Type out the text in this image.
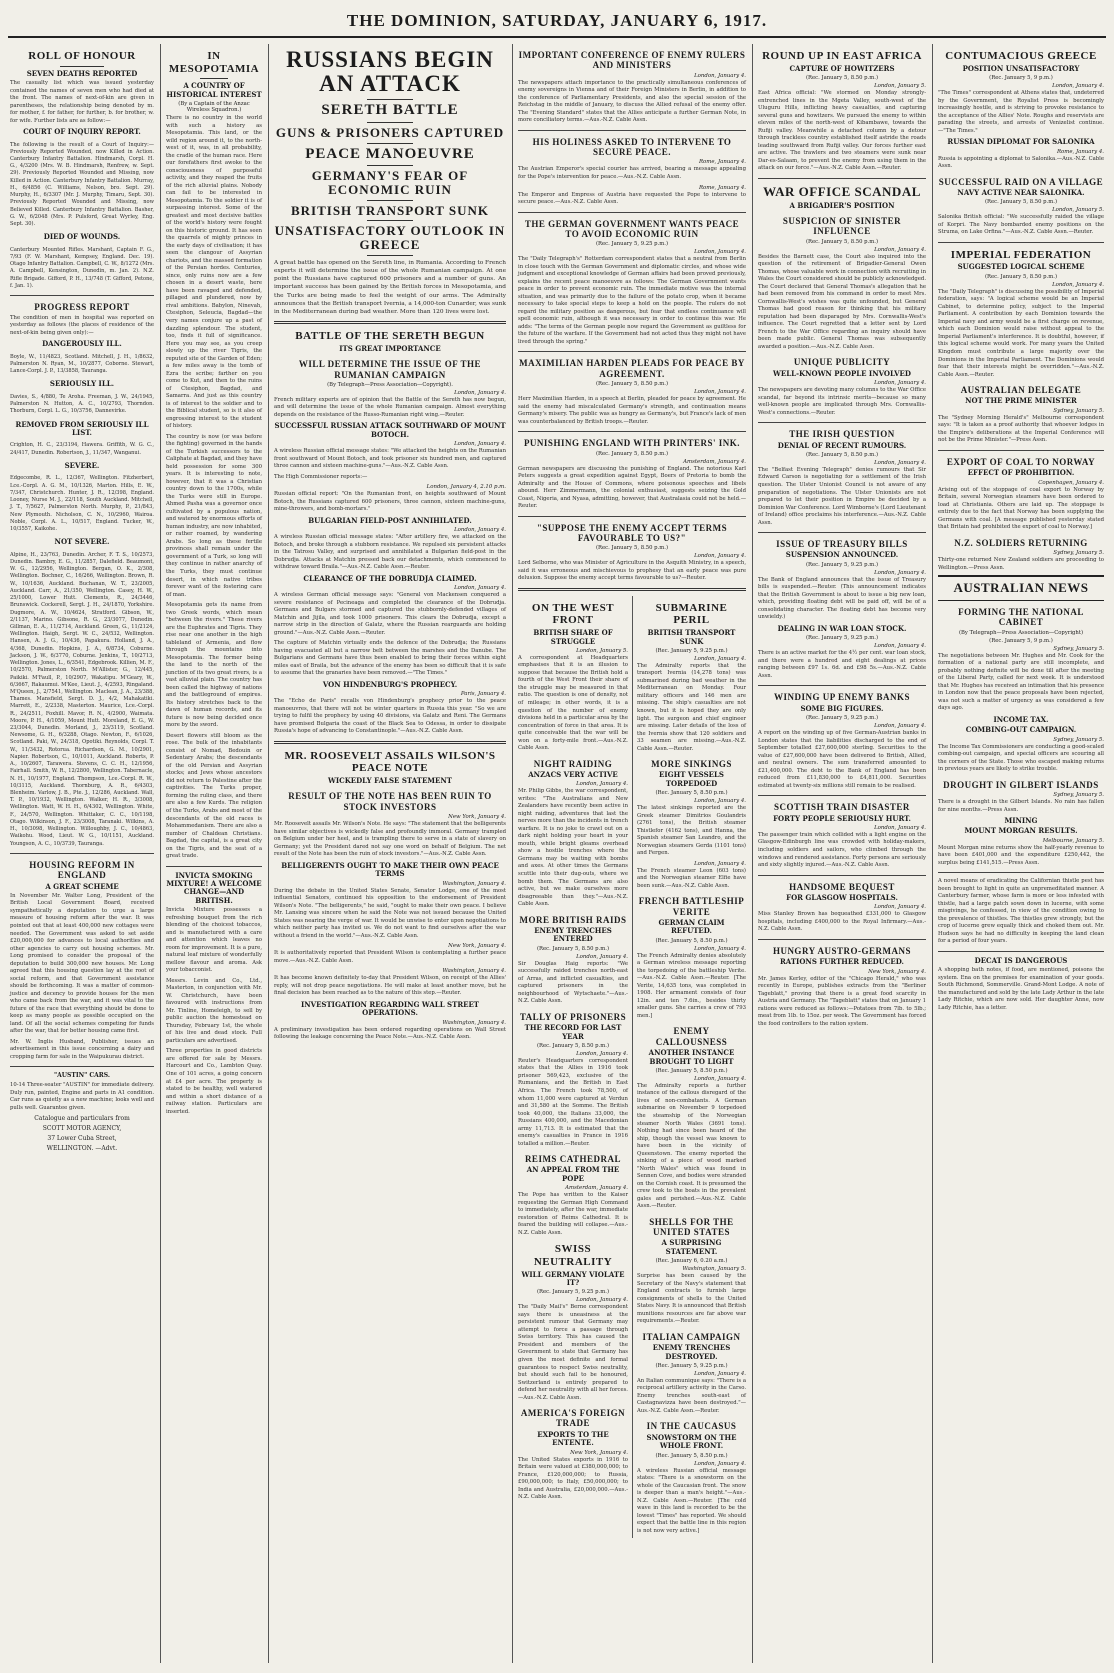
THE DOMINION, SATURDAY, JANUARY 6, 1917.
ROLL OF HONOUR
SEVEN DEATHS REPORTED

The casualty list which was issued yesterday contained the names of seven men who had died at the front. The names of next-of-kin are given in parentheses, the relationship being denoted by m. for mother, f. for father, for further, b. for brother, w. for wife. Further lists are as follow:—

COURT OF INQUIRY REPORT.

The following is the result of a Court of Inquiry:— Previously Reported Wounded, now Killed in Action. Canterbury Infantry Battalion. Hindmarsh, Corpl. H. G., 4/3200 (Mrs. W. B. Hindmarsh, Renfrew, w. Sept. 29). Previously Reported Wounded and Missing, now Killed in Action. Canterbury Infantry Battalion. Murray, H., 6/4856 (C. Williams, Nelson, bro. Sept. 29). Murphy, H., 6/3307 (Mr. J. Murphy, Timaru, Sept. 30). Previously Reported Wounded and Missing, now Believed Killed. Canterbury Infantry Battalion. Basher, G. W., 6/2048 (Mrs. P. Pulsford, Great Wyrley, Eng. Sept. 30).

DIED OF WOUNDS.

Canterbury Mounted Rifles. Marshant, Captain F. G., 7/93 (F. W. Marshant, Kempsey, England. Dec. 19). Otago Infantry Battalion. Campbell, C. W., 8/1272 (Mrs. A. Campbell, Kensington, Dunedin, m. Jan. 2). N.Z. Rifle Brigade. Gifford, P. H., 13/748 (T. Gifford, Petone, f. Jan. 1).

PROGRESS REPORT

The condition of men in hospital was reported on yesterday as follows (the places of residence of the next-of-kin being given only):—

DANGEROUSLY ILL.

Boyle, W., 11/4823, Scotland. Mitchell, J. H., 1/8632, Palmerston N. Ryan, M., 10/2877, Coborne. Stewart, Lance-Corpl. J. P., 13/3858, Tauranga.

SERIOUSLY ILL.

Davies, S., 4/880, Te Aroha. Freeman, J. W., 24/1945, Palmerston N. Hutton, A. C., 10/2793, Thorndon. Thorburn, Corpl. L. G., 10/3756, Dannevirke.

REMOVED FROM SERIOUSLY ILL LIST.

Crighton, H. C., 23/3194, Hawera. Griffith, W. G. C., 24/417, Dunedin. Robertson, J., 11/347, Wanganui.

SEVERE.

Edgecombe, R. L., 12/367, Wellington. Fitzherbert, Lce.-Corpl. A. G. M., 10/1326, Marton. Hills, E. W., 7/347, Christchurch. Hunter, J. R., 12/398, England. Looney, Nurse M. J., 22/118, South Auckland. Mitchell, J. T., 7/5627, Palmerston North. Murphy, P., 21/843, New Plymouth. Nicholson, C. N., 10/2960, Wairoa. Noble, Corpl. A. L., 10/517, England. Tucker, W., 10/3557, Kaikohe.

NOT SEVERE.

Alpine, H., 23/763, Dunedin. Archer, F. T. S., 10/2573, Dunedin. Bambry, E. G., 11/2857, Dalefield. Beaumont, W. G., 12/2956, Wellington. Bergan, O. K., 2/308, Wellington. Bochner, C., 16/266, Wellington. Brown, R. W., 10/1636, Auckland. Buchanan, W. T., 23/2005, Auckland. Carr, A., 21/350, Wellington. Casey, H. W., 25/1000, Lower Hutt. Clements, R., 24/3446, Brunswick. Cockerell, Sergt. J. H., 24/1870, Yorkshire. Dugmore, A. W., 10/4624, Stratford. Gibson, W., 2/1137, Marino. Gibsone, R. G., 23/3077, Dunedin. Gillman, E. A., 11/2714, Auckland. Green, G., 11/2124, Wellington. Haigh, Sergt. W. C., 24/532, Wellington. Hansen, A. J. G., 10/436, Papakura. Holland, J. A., 4/368, Dunedin. Hopkins, J. A., 6/8734, Coburne. Jackson, J. W., 6/3770, Coburne. Jenkins, T., 10/2713, Wellington. Jones, L., 6/3541, Edgebrook. Killien, M. F., 10/2570, Palmerston North. M'Allister, G., 12/445, Paikiki. M'Faull, P., 10/2907, Wakatipu. M'Geary, W., 6/3667, Rakaumui. M'Kee, Lieut. J., 4/2593, Ringaland. M'Queen, J., 2/7541, Wellington. Maclean, J. A., 23/388, Thames. Mansfield, Sergt. D. J., 4/2, Mahakatiki. Marrett, E., 2/2338, Masterton. Maurice, Lce.-Corpl. R., 24/2511, Foxhill. Mavor, R. N., 4/2900, Waimata. Moore, P. H., 4/1059, Mount Hutt. Moreland, E. G., W. 23/3044, Dunedin. Morland, J., 23/3119, Scotland. Newsome, G. H., 6/3288, Otago. Newton, F., 6/1026, Scotland. Paki, W., 24/318, Opotiki. Reynolds, Corpl. T. W., 11/3432, Rotorua. Richardson, G. M., 10/2901, Napier. Robertson, C., 10/1011, Auckland. Roberts, P. A., 10/2607, Tarawera. Stevens, C. C. H., 12/1956, Fairhall. Smith, W. R., 12/2800, Wellington. Tabernacle, N. H., 10/1977, England. Thompson, Lce.-Corpl. R. W., 10/3115, Auckland. Thornburg, A. R., 6/4303, Blenheim. Varlow, J. B., Pte. J., 12/286, Auckland. Wall, T. P., 10/1932, Wellington. Walker, H. R., 3/3008, Wellington. Watt, W. H. H., 6/4302, Wellington. White, F., 24/570, Wellington. Whittaker, C. C., 10/1198, Otago. Wilkinson, J. F., 23/3008, Taranaki. Wilkins, A. H., 10/3098, Wellington. Willoughby, J. C., 10/4863, Waikohu. Wood, Lieut. W. G., 10/1151, Auckland. Youngson, A. C., 10/3739, Tauranga.

HOUSING REFORM IN ENGLAND
A GREAT SCHEME

In November Mr. Walter Long, President of the British Local Government Board, received sympathetically a deputation to urge a large measure of housing reform after the war. It was pointed out that at least 400,000 new cottages were needed. The Government was asked to set aside £20,000,000 for advances to local authorities and other agencies to carry out housing schemes. Mr. Long promised to consider the proposal of the deputation to build 300,000 new houses. Mr. Long agreed that this housing question lay at the root of social reform, and that Government assistance should be forthcoming. It was a matter of common-justice and decency to provide houses for the men who came back from the war, and it was vital to the future of the race that everything should be done to keep as many people as possible occupied on the land. Of all the social schemes competing for funds after the war, that for better housing came first.

Mr. W. Inglis Husband, Publisher, issues an advertisement in this issue concerning a dairy and cropping farm for sale in the Waipukurau district.

"AUSTIN" CARS.

10-14 Three-seater "AUSTIN" for immediate delivery. Duly run, painted, Engine and parts in A1 condition. Car runs as quietly as a new machine; looks well and pulls well. Guarantee given.

Catalogue and particulars from
SCOTT MOTOR AGENCY,
37 Lower Cuba Street,
WELLINGTON. —Advt.
IN MESOPOTAMIA
A COUNTRY OF HISTORICAL INTEREST
(By a Captain of the Anzac Wireless Squadron.)

There is no country in the world with such a history as Mesopotamia. This land, or the wild region around it, to the north-west of it, was, in all probability, the cradle of the human race. Here our forefathers first awoke to the consciousness of purposeful activity, and they reaped the fruits of the rich alluvial plains. Nobody can fail to be interested in Mesopotamia. To the soldier it is of surpassing interest. Some of the greatest and most decisive battles of the world's history were fought on this historic ground. It has seen the quarrels of mighty princes in the early days of civilisation; it has seen the clangour of Assyrian chariots, and the massed formation of the Persian hordes. Centuries, since, only ruins now are a few chosen in a desert waste, here have been ravaged and defended, pillaged and plundered, now by rival ambitions. Babylon, Ninevah, Ctesiphon, Seleucia, Bagdad—the very names conjure up a past of dazzling splendour. The student, too, finds it full of significance. Here you may see, as you creep slowly up the river Tigris, the reputed site of the Garden of Eden; a few miles away is the tomb of Ezra the scribe; farther on you come to Kut, and then to the ruins of Ctesiphon, Bagdad, and Samarra. And just as this country is of interest to the soldier and to the Biblical student, so is it also of engrossing interest to the student of history.

The country is now (or was before the fighting) governed in the hands of the Turkish successors to the Caliphate at Bagdad, and they have held possession for some 300 years. It is interesting to note, however, that it was a Christian country down to the 1700s, while the Turks were still in Europe. Ahmed Pasha was a governor once cultivated by a populous nation, and watered by enormous efforts of human industry, are now inhabited, or rather roamed, by wandering Arabs. So long as these fertile provinces shall remain under the government of a Turk, so long will they continue in rather anarchy of the Turks, they must continue desert, in which native tribes forever want of the fostering care of man.

Mesopotamia gets its name from two Greek words, which mean "between the rivers." These rivers are the Euphrates and Tigris. They rise near one another in the high tableland of Armenia, and flow through the mountains into Mesopotamia. The former being the land to the north of the junction of its two great rivers, is a vast alluvial plain. The country has been called the highway of nations and the battleground of empires. Its history stretches back to the dawn of human records, and its future is now being decided once more by the sword.

Desert flowers still bloom as the rose. The bulk of the inhabitants consist of Nomad, Bedouin or Sedentary Arabs; the descendants of the old Persian and Assyrian stocks; and Jews whose ancestors did not return to Palestine after the captivities. The Turks proper, forming the ruling class, and there are also a few Kurds. The religion of the Turks, Arabs and most of the descendants of the old races is Mohammedanism. There are also a number of Chaldean Christians. Bagdad, the capital, is a great city on the Tigris, and the seat of a great trade.

INVICTA SMOKING MIXTURE! A WELCOME CHANGE—AND BRITISH.

Invicta Mixture possesses a refreshing bouquet from the rich blending of the choicest tobaccos, and is manufactured with a care and attention which leaves no room for improvement. It is a pure, natural leaf mixture of wonderfully mellow flavour and aroma. Ask your tobacconist.

Messrs. Levin and Co., Ltd., Masterton, in conjunction with Mr. W. Christchurch, have been favoured with instructions from Mr. Tinline, Homeleigh, to sell by public auction the homestead on Thursday, February 1st, the whole of his live and dead stock. Full particulars are advertised.

Three properties in good districts are offered for sale by Messrs. Harcourt and Co., Lambton Quay. One of 101 acres, a going concern at £4 per acre. The property is stated to be healthy, well watered and within a short distance of a railway station. Particulars are inserted.

RUSSIANS BEGIN AN ATTACK
SERETH BATTLE
GUNS & PRISONERS CAPTURED
PEACE MANOEUVRE
GERMANY'S FEAR OF ECONOMIC RUIN
BRITISH TRANSPORT SUNK
UNSATISFACTORY OUTLOOK IN GREECE

A great battle has opened on the Sereth line, in Rumania. According to French experts it will determine the issue of the whole Rumanian campaign. At one point the Russians have captured 600 prisoners and a number of guns. An important success has been gained by the British forces in Mesopotamia, and the Turks are being made to feel the weight of our arms. The Admiralty announces that the British transport Ivernia, a 14,000-ton Cunarder, was sunk in the Mediterranean during bad weather. More than 120 lives were lost.

BATTLE OF THE SERETH BEGUN
ITS GREAT IMPORTANCE
WILL DETERMINE THE ISSUE OF THE RUMANIAN CAMPAIGN
(By Telegraph—Press Association—Copyright).
London, January 4.

French military experts are of opinion that the Battle of the Sereth has now begun, and will determine the issue of the whole Rumanian campaign. Almost everything depends on the resistance of the Russo-Rumanian right wing.—Reuter.

SUCCESSFUL RUSSIAN ATTACK SOUTHWARD OF MOUNT BOTOCH.
London, January 4.

A wireless Russian official message states: "We attacked the heights on the Rumanian front southward of Mount Botoch, and took prisoner six hundred men, and captured three cannon and sixteen machine-guns."—Aus.-N.Z. Cable Assn.

The High Commissioner reports:—

London, January 4, 2.10 p.m.

Russian official report: "On the Rumanian front, on heights southward of Mount Botoch, the Russians captured 600 prisoners, three cannon, sixteen machine-guns, mine-throwers, and bomb-mortars."

BULGARIAN FIELD-POST ANNIHILATED.
London, January 4.

A wireless Russian official message states: "After artillery fire, we attacked on the Botoch, and broke through a stubborn resistance. We repulsed six persistent attacks in the Tatrosu Valley, and surprised and annihilated a Bulgarian field-post in the Dobrudja. Attacks at Matchin pressed back our detachments, which commenced to withdraw toward Braila."—Aus.-N.Z. Cable Assn.—Reuter.

CLEARANCE OF THE DOBRUDJA CLAIMED.
London, January 4.

A wireless German official message says: "General von Mackensen conquered a severe resistance of Pecineaga and completed the clearance of the Dobrudja. Germans and Bulgars stormed and captured the stubbornly-defended villages of Matchin and Jijila, and took 1000 prisoners. This clears the Dobrudja, except a narrow strip in the direction of Galatz, where the Russian rearguards are holding ground."—Aus.-N.Z. Cable Assn.—Reuter.

The capture of Matchin virtually ends the defence of the Dobrudja; the Russians having evacuated all but a narrow belt between the marshes and the Danube. The Bulgarians and Germans have thus been enabled to bring their forces within eight miles east of Braila, but the advance of the enemy has been so difficult that it is safe to assume that the granaries have been removed.—"The Times."

VON HINDENBURG'S PROPHECY.
Paris, January 4.

The "Echo de Paris" recalls von Hindenburg's prophecy prior to the peace manoeuvres, that there will not be winter quarters in Russia this year. "So we are trying to fulfil the prophecy by using 40 divisions, via Galatz and Reni. The Germans have promised Bulgaria the coast of the Black Sea to Odessa, in order to dissipate Russia's hope of advancing to Constantinople."—Aus.-N.Z. Cable Assn.

MR. ROOSEVELT ASSAILS WILSON'S PEACE NOTE
WICKEDLY FALSE STATEMENT
RESULT OF THE NOTE HAS BEEN RUIN TO STOCK INVESTORS
New York, January 4.

Mr. Roosevelt assails Mr. Wilson's Note. He says: "The statement that the belligerents have similar objectives is wickedly false and profoundly immoral. Germany trampled on Belgium under her heel, and is trampling there to serve in a state of slavery on Germany; yet the President dared not say one word on behalf of Belgium. The net result of the Note has been the ruin of stock investors."—Aus.-N.Z. Cable Assn.

BELLIGERENTS OUGHT TO MAKE THEIR OWN PEACE TERMS
Washington, January 4.

During the debate in the United States Senate, Senator Lodge, one of the most influential Senators, continued his opposition to the endorsement of President Wilson's Note. "The belligerents," he said, "ought to make their own peace. I believe Mr. Lansing was sincere when he said the Note was not issued because the United States was nearing the verge of war. It would be unwise to enter upon negotiations to which neither party has invited us. We do not want to find ourselves after the war without a friend in the world."—Aus.-N.Z. Cable Assn.

New York, January 4.

It is authoritatively reported that President Wilson is contemplating a further peace move.—Aus.-N.Z. Cable Assn.

Washington, January 4.

It has become known definitely to-day that President Wilson, on receipt of the Allies' reply, will not drop peace negotiations. He will make at least another move, but he final decision has been reached as to the nature of this step.—Reuter.

INVESTIGATION REGARDING WALL STREET OPERATIONS.
Washington, January 4.

A preliminary investigation has been ordered regarding operations on Wall Street following the leakage concerning the Peace Note.—Aus.-N.Z. Cable Assn.

IMPORTANT CONFERENCE OF ENEMY RULERS AND MINISTERS
London, January 4.

The newspapers attach importance to the practically simultaneous conferences of enemy sovereigns in Vienna and of their Foreign Ministers in Berlin, in addition to the conference of Parliamentary Presidents, and also the special session of the Reichstag in the middle of January, to discuss the Allied refusal of the enemy offer. The "Evening Standard" states that the Allies anticipate a further German Note, in more conciliatory terms.—Aus.-N.Z. Cable Assn.

HIS HOLINESS ASKED TO INTERVENE TO SECURE PEACE.
Rome, January 4.

The Austrian Emperor's special courier has arrived, bearing a message appealing for the Pope's intervention for peace.—Aus.-N.Z. Cable Assn.

Rome, January 4.

The Emperor and Empress of Austria have requested the Pope to intervene to secure peace.—Aus.-N.Z. Cable Assn.

THE GERMAN GOVERNMENT WANTS PEACE TO AVOID ECONOMIC RUIN
(Rec. January 5, 9.25 p.m.)
London, January 4.

The "Daily Telegraph's" Rotterdam correspondent states that a neutral from Berlin in close touch with the German Government and diplomatic circles, and whose wide judgment and exceptional knowledge of German affairs had been proved previously, explains the recent peace manoeuvre as follows: The German Government wants peace in order to prevent economic ruin. The immediate motive was the internal situation, and was primarily due to the failure of the potato crop, when it became necessary to take special steps to keep a hold on the people. The rulers do not regard the military position as dangerous, but fear that endless continuance will spell economic ruin, although it was necessary in order to continue this war. He adds: "The terms of the German people now regard the Government as guiltless for the future of the warfare. If the Government had not acted thus they might not have lived through the spring."

MAXIMILIAN HARDEN PLEADS FOR PEACE BY AGREEMENT.
(Rec. January 5, 8.50 p.m.)
London, January 4.

Herr Maximilian Harden, in a speech at Berlin, pleaded for peace by agreement. He said the enemy had miscalculated Germany's strength, and continuation means Germany's misery. The public was as hungry as Germany's, but France's lack of men was counterbalanced by British troops.—Reuter.

PUNISHING ENGLAND WITH PRINTERS' INK.
(Rec. January 5, 8.50 p.m.)
Amsterdam, January 4.

German newspapers are discussing the punishing of England. The notorious Karl Peters suggests a great expedition against Egypt, Boers of Pretoria to bomb the Admiralty and the House of Commons, where poisonous speeches and libels abound. Herr Zimmermann, the colonial enthusiast, suggests seizing the Gold Coast, Nigeria, and Nyasa, admitting, however, that Australasia could not be held.—Reuter.

"SUPPOSE THE ENEMY ACCEPT TERMS FAVOURABLE TO US?"
(Rec. January 5, 8.50 p.m.)
London, January 4.

Lord Selborne, who was Minister of Agriculture in the Asquith Ministry, in a speech, said it was erroneous and mischievous to prophesy that an early peace was pure delusion. Suppose the enemy accept terms favourable to us?—Reuter.

ON THE WEST FRONT
BRITISH SHARE OF STRUGGLE
London, January 5.

A correspondent at Headquarters emphasises that it is an illusion to suppose that because the British hold a fourth of the West Front their share of the struggle may be measured in that ratio. The question is one of density, not of mileage; in other words, it is a question of the number of enemy divisions held in a particular area by the concentration of force in that area. It is quite conceivable that the war will be won on a forty-mile front.—Aus.-N.Z. Cable Assn.

NIGHT RAIDING
ANZACS VERY ACTIVE
London, January 4.

Mr. Philip Gibbs, the war correspondent, writes: "The Australians and New Zealanders have recently been active in night raiding, adventures that last the nerves more than the incidents in trench warfare. It is no joke to crawl out on a dark night holding your heart in your mouth, while bright gleams overhead show a hostile trenches where the Germans may be waiting with bombs and axes. At other times the Germans scuttle into their dug-outs, where we bomb them. The Germans are also active, but we make ourselves more disagreeable than they."—Aus.-N.Z. Cable Assn.

MORE BRITISH RAIDS
ENEMY TRENCHES ENTERED
(Rec. January 5, 8.50 p.m.)
London, January 4.

Sir Douglas Haig reports: "We successfully raided trenches north-east of Arras, and inflicted casualties, and captured prisoners in the neighbourhood of Wytschaete."—Aus.-N.Z. Cable Assn.

TALLY OF PRISONERS
THE RECORD FOR LAST YEAR
(Rec. January 5, 8.50 p.m.)
London, January 4.

Reuter's Headquarters correspondent states that the Allies in 1916 took prisoner 569,423, exclusive of the Rumanians, and the British in East Africa. The French took 78,500, of whom 11,000 were captured at Verdun and 31,580 at the Somme. The British took 40,000, the Italians 33,000, the Russians 400,000, and the Macedonian army 11,713. It is estimated that the enemy's casualties in France in 1916 totalled a million.—Reuter.

REIMS CATHEDRAL
AN APPEAL FROM THE POPE
Amsterdam, January 4.

The Pope has written to the Kaiser requesting the German High Command to immediately, after the war, immediate restoration of Reims Cathedral. It is feared the building will collapse.—Aus.-N.Z. Cable Assn.

SWISS NEUTRALITY
WILL GERMANY VIOLATE IT?
(Rec. January 5, 9.25 p.m.)
London, January 4.

The "Daily Mail's" Berne correspondent says there is uneasiness at the persistent rumour that Germany may attempt to force a passage through Swiss territory. This has caused the President and members of the Government to state that Germany has given the most definite and formal guarantees to respect Swiss neutrality, but should such fail to be honoured, Switzerland is entirely prepared to defend her neutrality with all her forces.—Aus.-N.Z. Cable Assn.

AMERICA'S FOREIGN TRADE
EXPORTS TO THE ENTENTE.
New York, January 4.

The United States exports in 1916 to Britain were valued at £380,000,000; to France, £120,000,000; to Russia, £90,000,000; to Italy, £50,000,000; to India and Australia, £20,000,000.—Aus.-N.Z. Cable Assn.

SUBMARINE PERIL
BRITISH TRANSPORT SUNK
(Rec. January 5, 9.25 p.m.)
London, January 4.

The Admiralty reports that the transport Ivernia (14,278 tons) was submarined during bad weather in the Mediterranean on Monday. Four military officers and 146 men are missing. The ship's casualties are not known, but it is hoped they are only light. The surgeon and chief engineer are missing. Later details of the loss of the Ivernia show that 120 soldiers and 33 seamen are missing.—Aus.-N.Z. Cable Assn.—Reuter.

MORE SINKINGS
EIGHT VESSELS TORPEDOED
(Rec. January 5, 8.50 p.m.)
London, January 4.

The latest sinkings reported are the Greek steamer Dimitrios Goulandris (2761 tons), the British steamer Thistlefor (4162 tons), and Hanna, the Spanish steamer San Leandro, and the Norwegian steamers Gerda (1101 tons) and Fergen.

London, January 4.

The French steamer Leon (603 tons) and the Norwegian steamer Elfie have been sunk.—Aus.-N.Z. Cable Assn.

FRENCH BATTLESHIP VERITE
GERMAN CLAIM REFUTED.
(Rec. January 5, 8.50 p.m.)
London, January 4.

The French Admiralty denies absolutely a German wireless message reporting the torpedoing of the battleship Verite.—Aus.-N.Z. Cable Assn.—Reuter. [The Verite, 14,635 tons, was completed in 1908. Her armament consists of four 12in. and ten 7.6in., besides thirty smaller guns. She carries a crew of 793 men.]

ENEMY CALLOUSNESS
ANOTHER INSTANCE BROUGHT TO LIGHT
(Rec. January 5, 8.50 p.m.)
London, January 4.

The Admiralty reports a further instance of the callous disregard of the lives of non-combatants. A German submarine on November 9 torpedoed the steamship of the Norwegian steamer North Wales (3691 tons). Nothing had since been heard of the ship, though the vessel was known to have been in the vicinity of Queenstown. The enemy reported the sinking of a piece of wood marked "North Wales" which was found in Sennen Cove, and bodies were stranded on the Cornish coast. It is presumed the crew took to the boats in the prevalent gales and perished.—Aus.-N.Z. Cable Assn.—Reuter.

SHELLS FOR THE UNITED STATES
A SURPRISING STATEMENT.
(Rec. January 6, 0.20 a.m.)
Washington, January 5.

Surprise has been caused by the Secretary of the Navy's statement that England contracts to furnish large consignments of shells to the United States Navy. It is announced that British munitions resources are far above war requirements.—Reuter.

ITALIAN CAMPAIGN
ENEMY TRENCHES DESTROYED.
(Rec. January 5, 9.25 p.m.)
London, January 4.

An Italian communique says: "There is a reciprocal artillery activity in the Carso. Enemy trenches south-east of Castagnavizza have been destroyed."—Aus.-N.Z. Cable Assn.—Reuter.

IN THE CAUCASUS
SNOWSTORM ON THE WHOLE FRONT.
(Rec. January 5, 8.50 p.m.)
London, January 4.

A wireless Russian official message states: "There is a snowstorm on the whole of the Caucasian front. The snow is deeper than a man's height."—Aus.-N.Z. Cable Assn.—Reuter. [The cold wave in this land is recorded to be the lowest "Times" has reported. We should expect that the battle line in this region is not now very active.]

ROUND UP IN EAST AFRICA
CAPTURE OF HOWITZERS
(Rec. January 5, 8.50 p.m.)
London, January 5.

East Africa official: "We stormed on Monday strongly-entrenched lines in the Mgeta Valley, south-west of the Uluguru Hills, inflicting heavy casualties, and capturing several guns and howitzers. We pursued the enemy to within eleven miles of the north-west of Kibambawe, towards the Rufiji valley. Meanwhile a detached column by a detour through trackless country established itself astride the roads leading southward from Rufiji valley. Our forces further east are active. The trawlers and two steamers were sunk near Dar-es-Salaam, to prevent the enemy from using them in the attack on our force."—Aus.-N.Z. Cable Assn.—Reuter.

WAR OFFICE SCANDAL
A BRIGADIER'S POSITION
SUSPICION OF SINISTER INFLUENCE
(Rec. January 5, 8.50 p.m.)
London, January 4.

Besides the Barnett case, the Court also inquired into the question of the retirement of Brigadier-General Owen Thomas, whose valuable work in connection with recruiting in Wales the Court considered should be publicly acknowledged. The Court declared that General Thomas's allegation that he had been removed from his command in order to meet Mrs. Cornwallis-West's wishes was quite unfounded, but General Thomas had good reason for thinking that his military reputation had been disparaged by Mrs. Cornwallis-West's influence. The Court regretted that a letter sent by Lord French to the War Office regarding an inquiry should have been made public. General Thomas was subsequently awarded a position.—Aus.-N.Z. Cable Assn.

UNIQUE PUBLICITY
WELL-KNOWN PEOPLE INVOLVED
London, January 4.

The newspapers are devoting many columns to the War Office scandal, far beyond its intrinsic merits—because so many well-known people are implicated through Mrs. Cornwallis-West's connections.—Reuter.

THE IRISH QUESTION
DENIAL OF RECENT RUMOURS.
(Rec. January 5, 8.50 p.m.)
London, January 4.

The "Belfast Evening Telegraph" denies rumours that Sir Edward Carson is negotiating for a settlement of the Irish question. The Ulster Unionist Council is not aware of any preparation of negotiations. The Ulster Unionists are not prepared to let their position in Empire be decided by a Dominion War Conference. Lord Wimborne's (Lord Lieutenant of Ireland) office proclaims his interference.—Aus.-N.Z. Cable Assn.

ISSUE OF TREASURY BILLS
SUSPENSION ANNOUNCED.
(Rec. January 5, 9.25 p.m.)
London, January 4.

The Bank of England announces that the issue of Treasury bills is suspended.—Reuter. (This announcement indicates that the British Government is about to issue a big new loan, which, providing floating debt will be paid off, will be of a consolidating character. The floating debt has become very unwieldy.)

DEALING IN WAR LOAN STOCK.
(Rec. January 5, 9.25 p.m.)
London, January 4.

There is an active market for the 4½ per cent. war loan stock, and there were a hundred and eight dealings at prices ranging between £97 1s. 6d. and £98 5s.—Aus.-N.Z. Cable Assn.

WINDING UP ENEMY BANKS
SOME BIG FIGURES.
(Rec. January 5, 9.25 p.m.)
London, January 4.

A report on the winding up of five German-Austrian banks in London states that the liabilities discharged to the end of September totalled £27,600,000 sterling. Securities to the value of £27,600,000 have been delivered to British, Allied, and neutral owners. The sum transferred amounted to £21,400,000. The debt to the Bank of England has been reduced from £11,830,000 to £4,811,000. Securities estimated at twenty-six millions still remain to be realised.

SCOTTISH TRAIN DISASTER
FORTY PEOPLE SERIOUSLY HURT.
London, January 4.

The passenger train which collided with a light engine on the Glasgow-Edinburgh line was crowded with holiday-makers, including soldiers and sailors, who climbed through the windows and rendered assistance. Forty persons are seriously and sixty slightly injured.—Aus.-N.Z. Cable Assn.

HANDSOME BEQUEST
FOR GLASGOW HOSPITALS.
London, January 4.

Miss Stanley Brown has bequeathed £331,000 to Glasgow hospitals, including £400,000 to the Royal Infirmary.—Aus.-N.Z. Cable Assn.

HUNGRY AUSTRO-GERMANS
RATIONS FURTHER REDUCED.
New York, January 4.

Mr. James Kerley, editor of the "Chicago Herald," who was recently in Europe, publishes extracts from the "Berliner Tageblatt," proving that there is a great food scarcity in Austria and Germany. The "Tageblatt" states that on January 1 rations were reduced as follows:—Potatoes from 7lb. to 5lb.; meat from 1lb. to 15oz. per week. The Government has forced the food controllers to the ration system.

CONTUMACIOUS GREECE
POSITION UNSATISFACTORY
(Rec. January 5, 9 p.m.)
London, January 4.

"The Times" correspondent at Athens states that, undeterred by the Government, the Royalist Press is becomingly increasingly hostile, and is striving to provoke resistance to the acceptance of the Allies' Note. Roughs and reservists are parading the streets, and arrests of Venizelist continue.—"The Times."

RUSSIAN DIPLOMAT FOR SALONIKA
Rome, January 4.

Russia is appointing a diplomat to Salonika.—Aus.-N.Z. Cable Assn.

SUCCESSFUL RAID ON A VILLAGE
NAVY ACTIVE NEAR SALONIKA.
(Rec. January 5, 8.50 p.m.)
London, January 5.

Salonika British official: "We successfully raided the village of Korpri. The Navy bombarded enemy positions on the Struma, on Lake Orfina."—Aus.-N.Z. Cable Assn.—Reuter.

IMPERIAL FEDERATION
SUGGESTED LOGICAL SCHEME
(Rec. January 5, 8.50 p.m.)
London, January 4.

The "Daily Telegraph" is discussing the possibility of Imperial federation, says: "A logical scheme would be an Imperial Cabinet, to determine policy, subject to the Imperial Parliament. A contribution by each Dominion towards the Imperial navy and army would be a first charge on revenue, which each Dominion would raise without appeal to the Imperial Parliament's interference. It is doubtful, however, if this logical scheme would work. For many years the United Kingdom must contribute a large majority over the Dominions in the Imperial Parliament. The Dominions would fear that their interests might be overridden."—Aus.-N.Z. Cable Assn.—Reuter.

AUSTRALIAN DELEGATE
NOT THE PRIME MINISTER
Sydney, January 5.

The "Sydney Morning Herald's" Melbourne correspondent says: "It is taken as a proof authority that whoever lodges in the Empire's deliberations at the Imperial Conference will not be the Prime Minister."—Press Assn.

EXPORT OF COAL TO NORWAY
EFFECT OF PROHIBITION.
Copenhagen, January 4.

Arising out of the stoppage of coal export to Norway by Britain, several Norwegian steamers have been ordered to load at Christiania. Others are laid up. The stoppage is entirely due to the fact that Norway has been supplying the Germans with coal. [A message published yesterday stated that Britain had prohibited the export of coal to Norway.]

N.Z. SOLDIERS RETURNING
Sydney, January 5.

Thirty-one returned New Zealand soldiers are proceeding to Wellington.—Press Assn.

AUSTRALIAN NEWS
FORMING THE NATIONAL CABINET
(By Telegraph—Press Association—Copyright)
(Rec. January 5, 9 p.m.)
Sydney, January 5.

The negotiations between Mr. Hughes and Mr. Cook for the formation of a national party are still incomplete, and probably nothing definite will be done till after the meeting of the Liberal Party, called for next week. It is understood that Mr. Hughes has received an intimation that his presence in London now that the peace proposals have been rejected, was not such a matter of urgency as was considered a few days ago.

INCOME TAX.
COMBING-OUT CAMPAIGN.
Sydney, January 5.

The Income Tax Commissioners are conducting a good-scaled combing-out campaign, and special officers are scouring all the corners of the State. Those who escaped making returns in previous years are likely to strike trouble.

DROUGHT IN GILBERT ISLANDS
Sydney, January 5.

There is a drought in the Gilbert Islands. No rain has fallen for nine months.—Press Assn.

MINING
MOUNT MORGAN RESULTS.
Melbourne, January 5.

Mount Morgan mine returns show the half-yearly revenue to have been £401,000 and the expenditure £250,442, the surplus being £141,515.—Press Assn.

A novel means of eradicating the Californian thistle pest has been brought to light in quite an unpremeditated manner. A Canterbury farmer, whose farm is more or less infested with thistle, had a large patch sown down in lucerne, with some misgivings, he confessed, in view of the condition owing to the prevalence of thistles. The thistles grew strongly, but the crop of lucerne grew equally thick and choked them out. Mr. Hudson says he had no difficulty in keeping the land clean for a period of four years.

DECAT IS DANGEROUS

A shopping bath notes, if food, are mentioned, poisons the system. Ena on the premises for examination of your goods. South Richmond, Sommerville. Grand-Mont Lodge. A note of the manufactured and sold by the late Lady Arthur in the late Lady Ritchie, which are now sold. Her daughter Anne, now Lady Ritchie, has a letter.
